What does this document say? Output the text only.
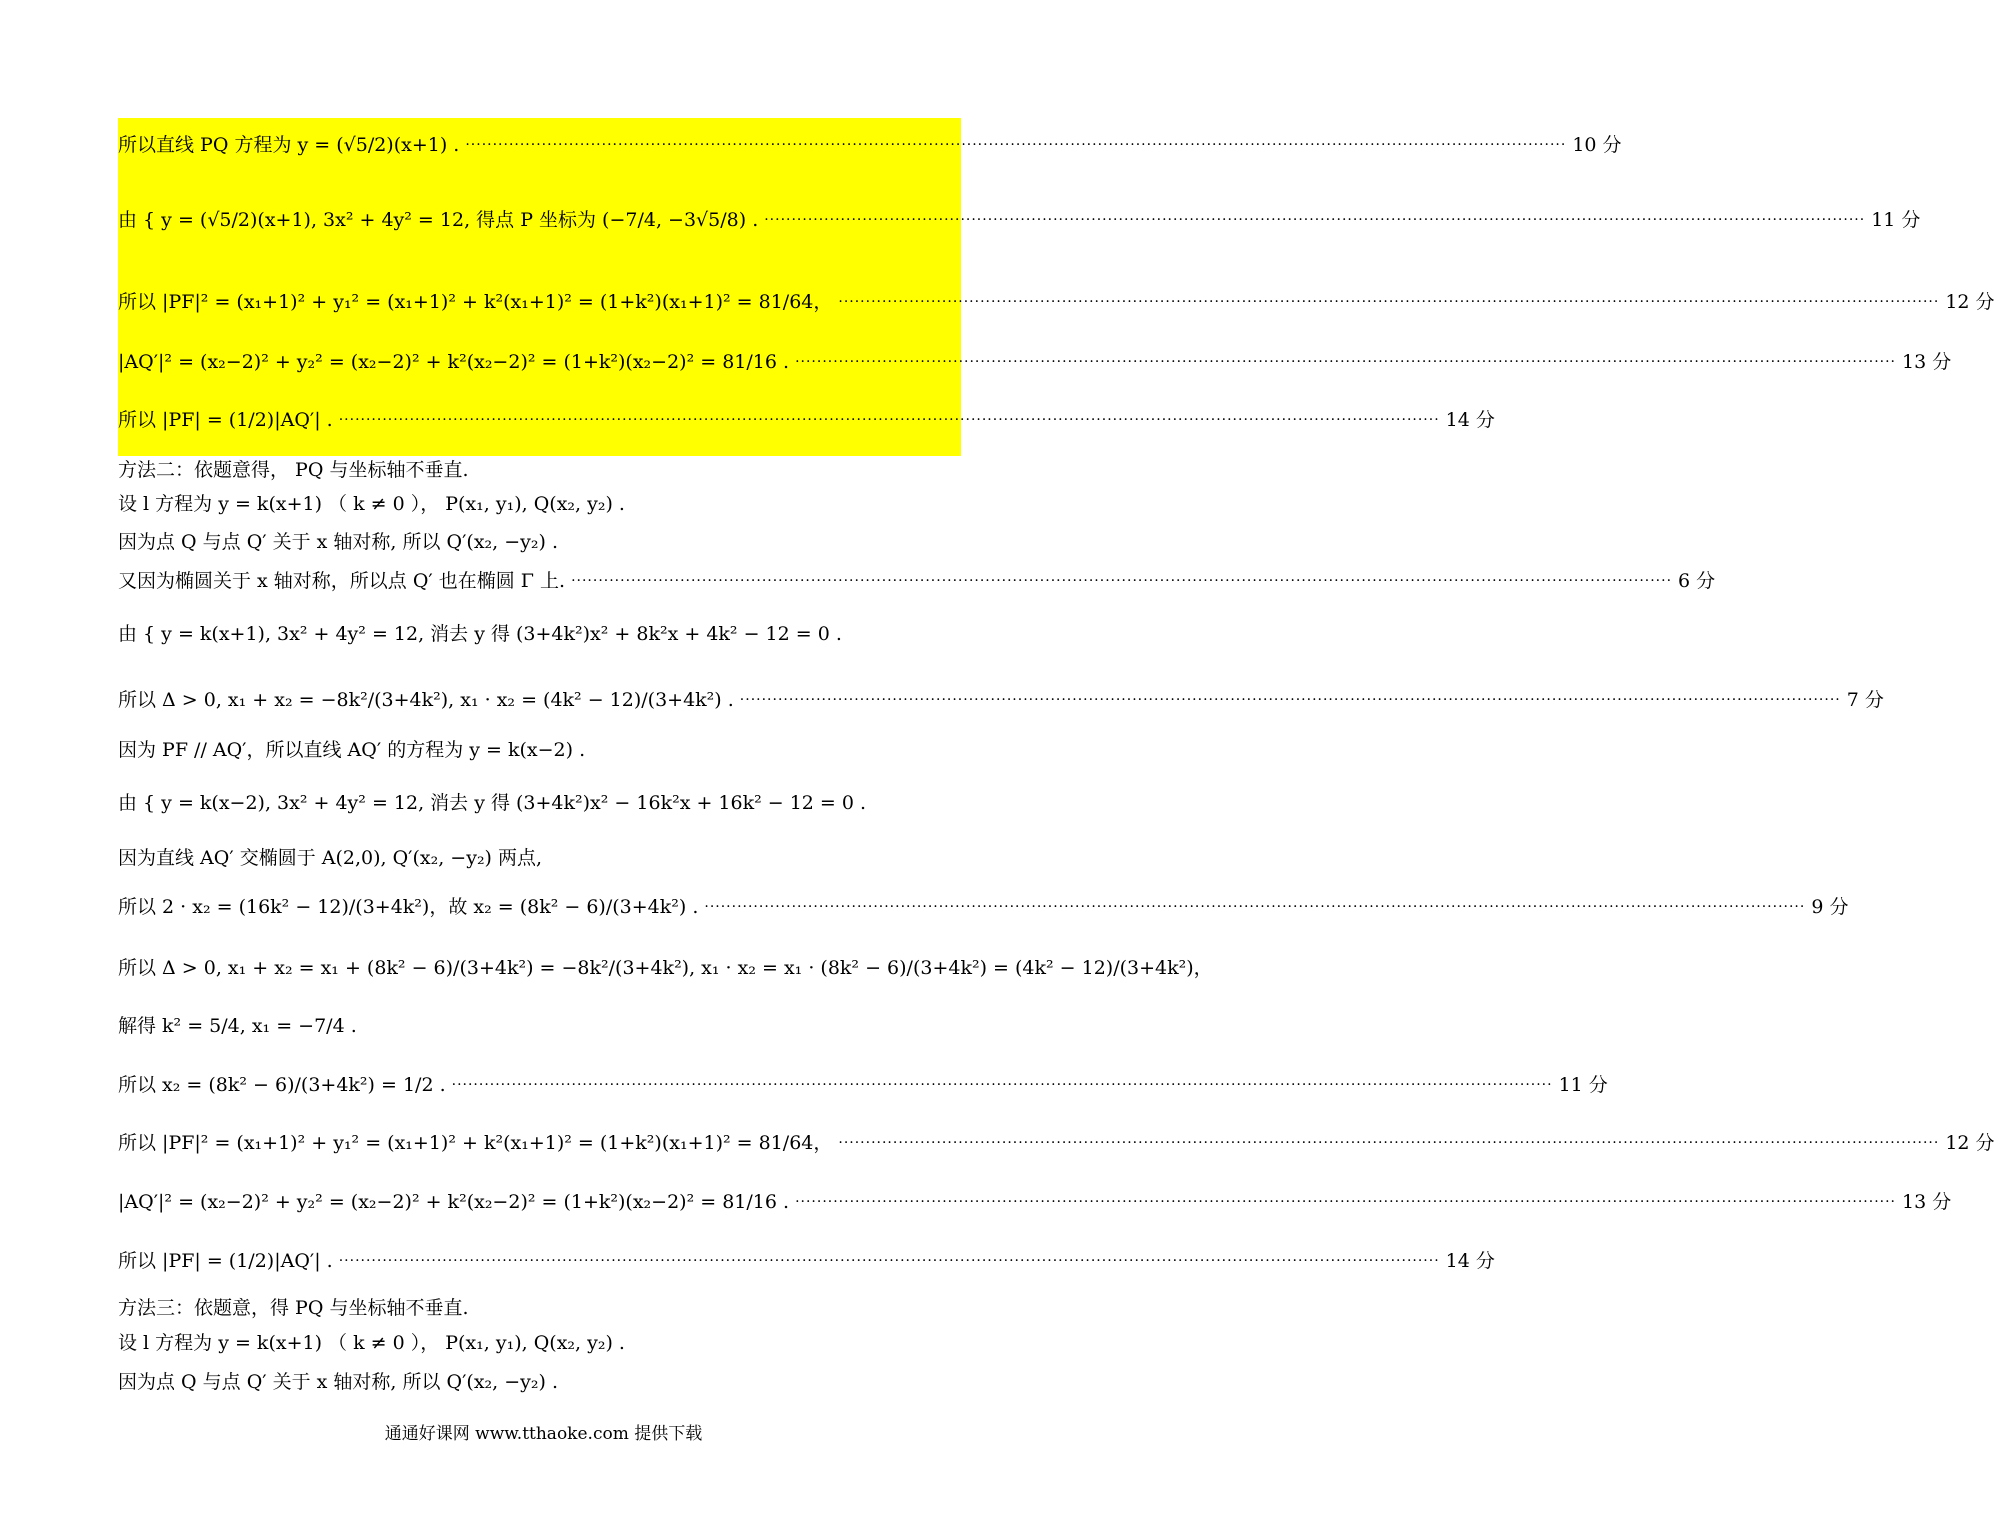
所以直线 PQ 方程为 y = (√5/2)(x+1) . ·····	10 分
由 { y = (√5/2)(x+1), 3x² + 4y² = 12, 得点 P 坐标为 (−7/4, −3√5/8) . ·····	11 分
所以 |PF|² = (x₁+1)² + y₁² = (x₁+1)² + k²(x₁+1)² = (1+k²)(x₁+1)² = 81/64， ·····	12 分
|AQ′|² = (x₂−2)² + y₂² = (x₂−2)² + k²(x₂−2)² = (1+k²)(x₂−2)² = 81/16 . ·····	13 分
所以 |PF| = (1/2)|AQ′| . ·····	14 分
方法二：依题意得， PQ 与坐标轴不垂直.
设 l 方程为 y = k(x+1) （ k ≠ 0 ）， P(x₁, y₁), Q(x₂, y₂) .
因为点 Q 与点 Q′ 关于 x 轴对称, 所以 Q′(x₂, −y₂) .
又因为椭圆关于 x 轴对称，所以点 Q′ 也在椭圆 Γ 上. ·····	6 分
由 { y = k(x+1), 3x² + 4y² = 12, 消去 y 得 (3+4k²)x² + 8k²x + 4k² − 12 = 0 .
所以 Δ > 0, x₁ + x₂ = −8k²/(3+4k²), x₁ · x₂ = (4k² − 12)/(3+4k²) . ·····	7 分
因为 PF // AQ′，所以直线 AQ′ 的方程为 y = k(x−2) .
由 { y = k(x−2), 3x² + 4y² = 12, 消去 y 得 (3+4k²)x² − 16k²x + 16k² − 12 = 0 .
因为直线 AQ′ 交椭圆于 A(2,0), Q′(x₂, −y₂) 两点,
所以 2 · x₂ = (16k² − 12)/(3+4k²)，故 x₂ = (8k² − 6)/(3+4k²) . ·····	9 分
所以 Δ > 0, x₁ + x₂ = x₁ + (8k² − 6)/(3+4k²) = −8k²/(3+4k²), x₁ · x₂ = x₁ · (8k² − 6)/(3+4k²) = (4k² − 12)/(3+4k²)，
解得 k² = 5/4, x₁ = −7/4 .
所以 x₂ = (8k² − 6)/(3+4k²) = 1/2 . ·····	11 分
所以 |PF|² = (x₁+1)² + y₁² = (x₁+1)² + k²(x₁+1)² = (1+k²)(x₁+1)² = 81/64， ·····	12 分
|AQ′|² = (x₂−2)² + y₂² = (x₂−2)² + k²(x₂−2)² = (1+k²)(x₂−2)² = 81/16 . ·····	13 分
所以 |PF| = (1/2)|AQ′| . ·····	14 分
方法三：依题意，得 PQ 与坐标轴不垂直.
设 l 方程为 y = k(x+1) （ k ≠ 0 ）， P(x₁, y₁), Q(x₂, y₂) .
因为点 Q 与点 Q′ 关于 x 轴对称, 所以 Q′(x₂, −y₂) .
通通好课网 www.tthaoke.com 提供下载
